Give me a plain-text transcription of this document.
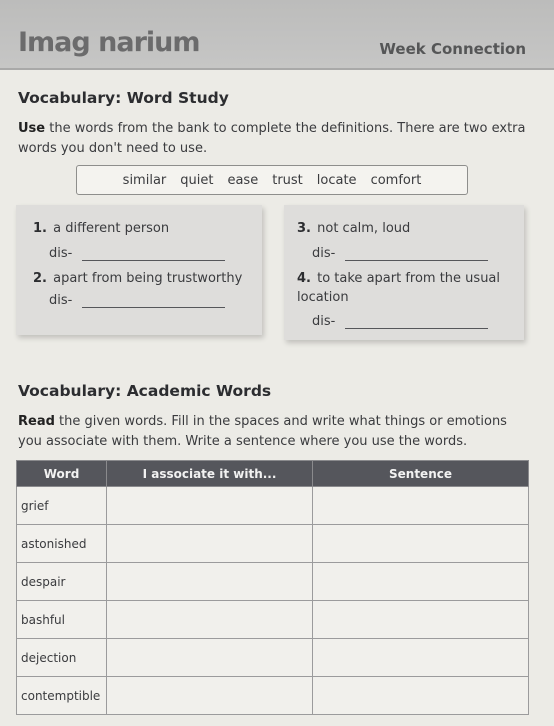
Imag narium	Week Connection
Vocabulary: Word Study

Use the words from the bank to complete the definitions. There are two extra words you don't need to use.

similar quiet ease trust locate comfort
1. a different person
dis-
2. apart from being trustworthy
dis-
3. not calm, loud
dis-
4. to take apart from the usual location
dis-
Vocabulary: Academic Words

Read the given words. Fill in the spaces and write what things or emotions you associate with them. Write a sentence where you use the words.

Word	I associate it with...	Sentence
grief		
astonished		
despair		
bashful		
dejection		
contemptible		
